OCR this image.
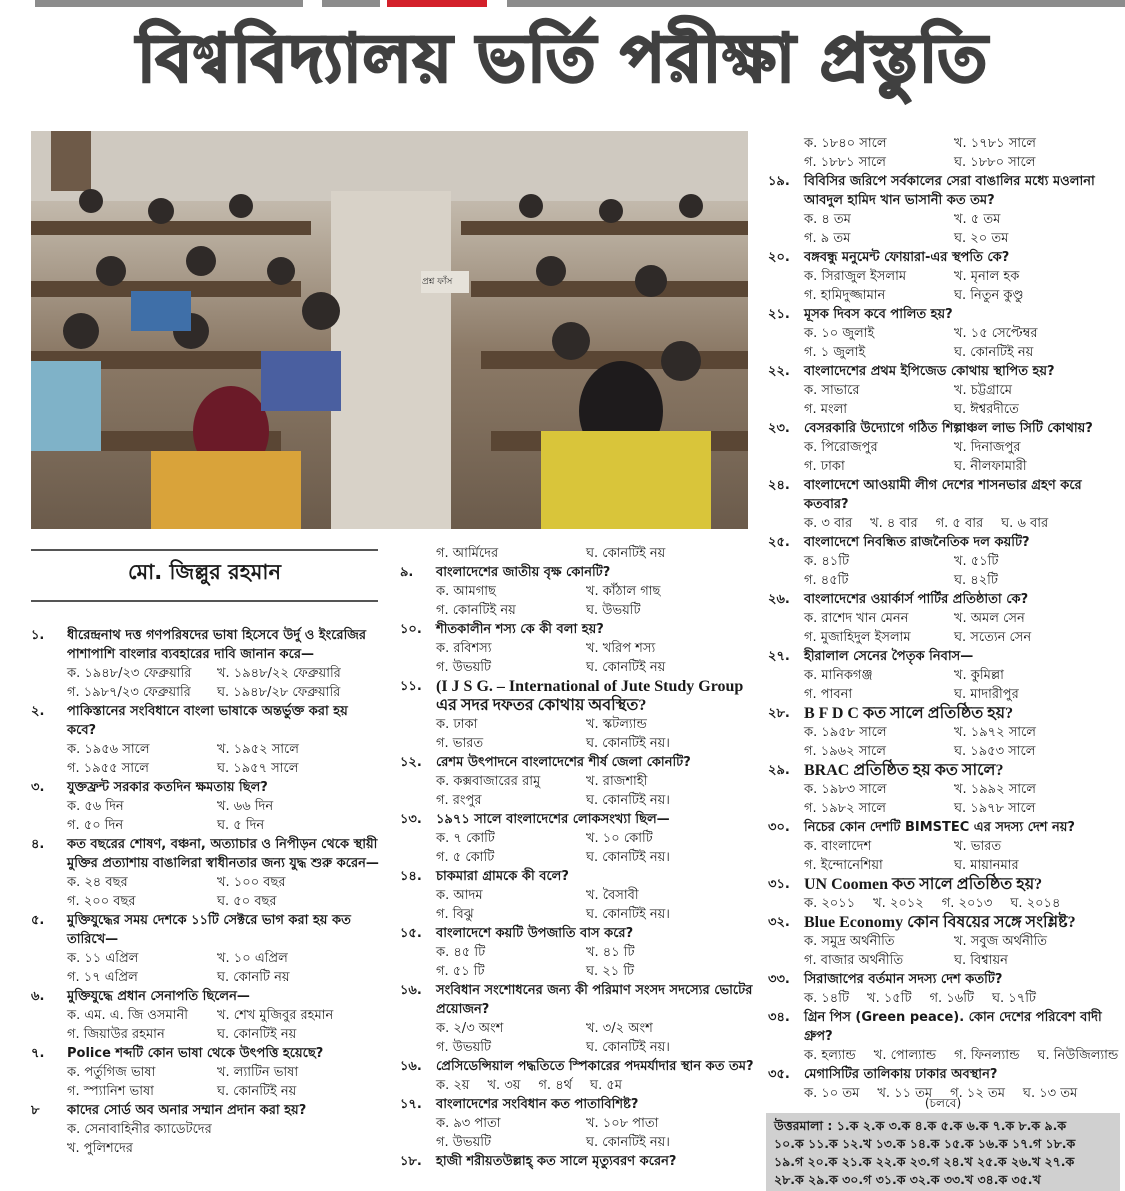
বিশ্ববিদ্যালয় ভর্তি পরীক্ষা প্রস্তুতি
প্রশ্ন ফাঁস
মো. জিল্লুর রহমান
১.	ধীরেন্দ্রনাথ দত্ত গণপরিষদের ভাষা হিসেবে উর্দু ও ইংরেজির পাশাপাশি বাংলার ব্যবহারের দাবি জানান করে—
ক. ১৯৪৮/২৩ ফেব্রুয়ারি	খ. ১৯৪৮/২২ ফেব্রুয়ারি
গ. ১৯৮৭/২৩ ফেব্রুয়ারি	ঘ. ১৯৪৮/২৮ ফেব্রুয়ারি
২.	পাকিস্তানের সংবিধানে বাংলা ভাষাকে অন্তর্ভুক্ত করা হয় কবে?
ক. ১৯৫৬ সালে	খ. ১৯৫২ সালে
গ. ১৯৫৫ সালে	ঘ. ১৯৫৭ সালে
৩.	যুক্তফ্রন্ট সরকার কতদিন ক্ষমতায় ছিল?
ক. ৫৬ দিন	খ. ৬৬ দিন
গ. ৫০ দিন	ঘ. ৫ দিন
৪.	কত বছরের শোষণ, বঞ্চনা, অত্যাচার ও নিপীড়ন থেকে স্থায়ী মুক্তির প্রত্যাশায় বাঙালিরা স্বাধীনতার জন্য যুদ্ধ শুরু করেন—
ক. ২৪ বছর	খ. ১০০ বছর
গ. ২০০ বছর	ঘ. ৫০ বছর
৫.	মুক্তিযুদ্ধের সময় দেশকে ১১টি সেক্টরে ভাগ করা হয় কত তারিখে—
ক. ১১ এপ্রিল	খ. ১০ এপ্রিল
গ. ১৭ এপ্রিল	ঘ. কোনটি নয়
৬.	মুক্তিযুদ্ধে প্রধান সেনাপতি ছিলেন—
ক. এম. এ. জি ওসমানী	খ. শেখ মুজিবুর রহমান
গ. জিয়াউর রহমান	ঘ. কোনটিই নয়
৭.	Police শব্দটি কোন ভাষা থেকে উৎপত্তি হয়েছে?
ক. পর্তুগিজ ভাষা	খ. ল্যাটিন ভাষা
গ. স্প্যানিশ ভাষা	ঘ. কোনটিই নয়
৮	কাদের সোর্ড অব অনার সম্মান প্রদান করা হয়?
ক. সেনাবাহিনীর ক্যাডেটদের
খ. পুলিশদের
গ. আর্মিদের	ঘ. কোনটিই নয়
৯.	বাংলাদেশের জাতীয় বৃক্ষ কোনটি?
ক. আমগাছ	খ. কাঁঠাল গাছ
গ. কোনটিই নয়	ঘ. উভয়টি
১০.	শীতকালীন শস্য কে কী বলা হয়?
ক. রবিশস্য	খ. খরিপ শস্য
গ. উভয়টি	ঘ. কোনটিই নয়
১১. (I J S G. – International of Jute Study Group এর সদর দফতর কোথায় অবস্থিত?
ক. ঢাকা	খ. স্কটল্যান্ড
গ. ভারত	ঘ. কোনটিই নয়।
১২.	রেশম উৎপাদনে বাংলাদেশের শীর্ষ জেলা কোনটি?
ক. কক্সবাজারের রামু	খ. রাজশাহী
গ. রংপুর	ঘ. কোনটিই নয়।
১৩.	১৯৭১ সালে বাংলাদেশের লোকসংখ্যা ছিল—
ক. ৭ কোটি	খ. ১০ কোটি
গ. ৫ কোটি	ঘ. কোনটিই নয়।
১৪.	চাকমারা গ্রামকে কী বলে?
ক. আদম	খ. বৈসাবী
গ. বিঝু	ঘ. কোনটিই নয়।
১৫.	বাংলাদেশে কয়টি উপজাতি বাস করে?
ক. ৪৫ টি	খ. ৪১ টি
গ. ৫১ টি	ঘ. ২১ টি
১৬.	সংবিধান সংশোধনের জন্য কী পরিমাণ সংসদ সদস্যের ভোটের প্রয়োজন?
ক. ২/৩ অংশ	খ. ৩/২ অংশ
গ. উভয়টি	ঘ. কোনটিই নয়।
১৬.	প্রেসিডেন্সিয়াল পদ্ধতিতে স্পিকারের পদমর্যাদার স্থান কত তম?
ক. ২য় খ. ৩য় গ. ৪র্থ ঘ. ৫ম
১৭.	বাংলাদেশের সংবিধান কত পাতাবিশিষ্ট?
ক. ৯৩ পাতা	খ. ১০৮ পাতা
গ. উভয়টি	ঘ. কোনটিই নয়।
১৮.	হাজী শরীয়তউল্লাহ্‌ কত সালে মৃত্যুবরণ করেন?
ক. ১৮৪০ সালে	খ. ১৭৮১ সালে
গ. ১৮৮১ সালে	ঘ. ১৮৮০ সালে
১৯.	বিবিসির জরিপে সর্বকালের সেরা বাঙালির মধ্যে মওলানা আবদুল হামিদ খান ভাসানী কত তম?
ক. ৪ তম	খ. ৫ তম
গ. ৯ তম	ঘ. ২০ তম
২০.	বঙ্গবন্ধু মনুমেন্ট ফোয়ারা-এর স্থপতি কে?
ক. সিরাজুল ইসলাম	খ. মৃনাল হক
গ. হামিদুজ্জামান	ঘ. নিতুন কুণ্ডু
২১.	মূসক দিবস কবে পালিত হয়?
ক. ১০ জুলাই	খ. ১৫ সেপ্টেম্বর
গ. ১ জুলাই	ঘ. কোনটিই নয়
২২.	বাংলাদেশের প্রথম ইপিজেড কোথায় স্থাপিত হয়?
ক. সাভারে	খ. চট্টগ্রামে
গ. মংলা	ঘ. ঈশ্বরদীতে
২৩.	বেসরকারি উদ্যোগে গঠিত শিল্পাঞ্চল লাভ সিটি কোথায়?
ক. পিরোজপুর	খ. দিনাজপুর
গ. ঢাকা	ঘ. নীলফামারী
২৪.	বাংলাদেশে আওয়ামী লীগ দেশের শাসনভার গ্রহণ করে কতবার?
ক. ৩ বার খ. ৪ বার গ. ৫ বার ঘ. ৬ বার
২৫.	বাংলাদেশে নিবন্ধিত রাজনৈতিক দল কয়টি?
ক. ৪১টি	খ. ৫১টি
গ. ৪৫টি	ঘ. ৪২টি
২৬.	বাংলাদেশের ওয়ার্কার্স পার্টির প্রতিষ্ঠাতা কে?
ক. রাশেদ খান মেনন	খ. অমল সেন
গ. মুজাহিদুল ইসলাম	ঘ. সত্যেন সেন
২৭.	হীরালাল সেনের পৈতৃক নিবাস—
ক. মানিকগঞ্জ	খ. কুমিল্লা
গ. পাবনা	ঘ. মাদারীপুর
২৮. B F D C কত সালে প্রতিষ্ঠিত হয়?
ক. ১৯৫৮ সালে	খ. ১৯৭২ সালে
গ. ১৯৬২ সালে	ঘ. ১৯৫৩ সালে
২৯. BRAC প্রতিষ্ঠিত হয় কত সালে?
ক. ১৯৮৩ সালে	খ. ১৯৯২ সালে
গ. ১৯৮২ সালে	ঘ. ১৯৭৮ সালে
৩০.	নিচের কোন দেশটি BIMSTEC এর সদস্য দেশ নয়?
ক. বাংলাদেশ	খ. ভারত
গ. ইন্দোনেশিয়া	ঘ. মায়ানমার
৩১. UN Coomen কত সালে প্রতিষ্ঠিত হয়?
ক. ২০১১ খ. ২০১২ গ. ২০১৩ ঘ. ২০১৪
৩২. Blue Economy কোন বিষয়ের সঙ্গে সংশ্লিষ্ট?
ক. সমুদ্র অর্থনীতি	খ. সবুজ অর্থনীতি
গ. বাজার অর্থনীতি	ঘ. বিশ্বায়ন
৩৩.	সিরাজাপের বর্তমান সদস্য দেশ কতটি?
ক. ১৪টি খ. ১৫টি গ. ১৬টি ঘ. ১৭টি
৩৪.	গ্রিন পিস (Green peace). কোন দেশের পরিবেশ বাদী গ্রুপ?
ক. হল্যান্ড খ. পোল্যান্ড গ. ফিনল্যান্ড ঘ. নিউজিল্যান্ড
৩৫.	মেগাসিটির তালিকায় ঢাকার অবস্থান?
ক. ১০ তম খ. ১১ তম গ. ১২ তম ঘ. ১৩ তম
(চলবে)
উত্তরমালা : ১.ক ২.ক ৩.ক ৪.ক ৫.ক ৬.ক ৭.ক ৮.ক ৯.ক
১০.ক ১১.ক ১২.খ ১৩.ক ১৪.ক ১৫.ক ১৬.ক ১৭.গ ১৮.ক
১৯.গ ২০.ক ২১.ক ২২.ক ২৩.গ ২৪.খ ২৫.ক ২৬.খ ২৭.ক
২৮.ক ২৯.ক ৩০.গ ৩১.ক ৩২.ক ৩৩.খ ৩৪.ক ৩৫.খ
